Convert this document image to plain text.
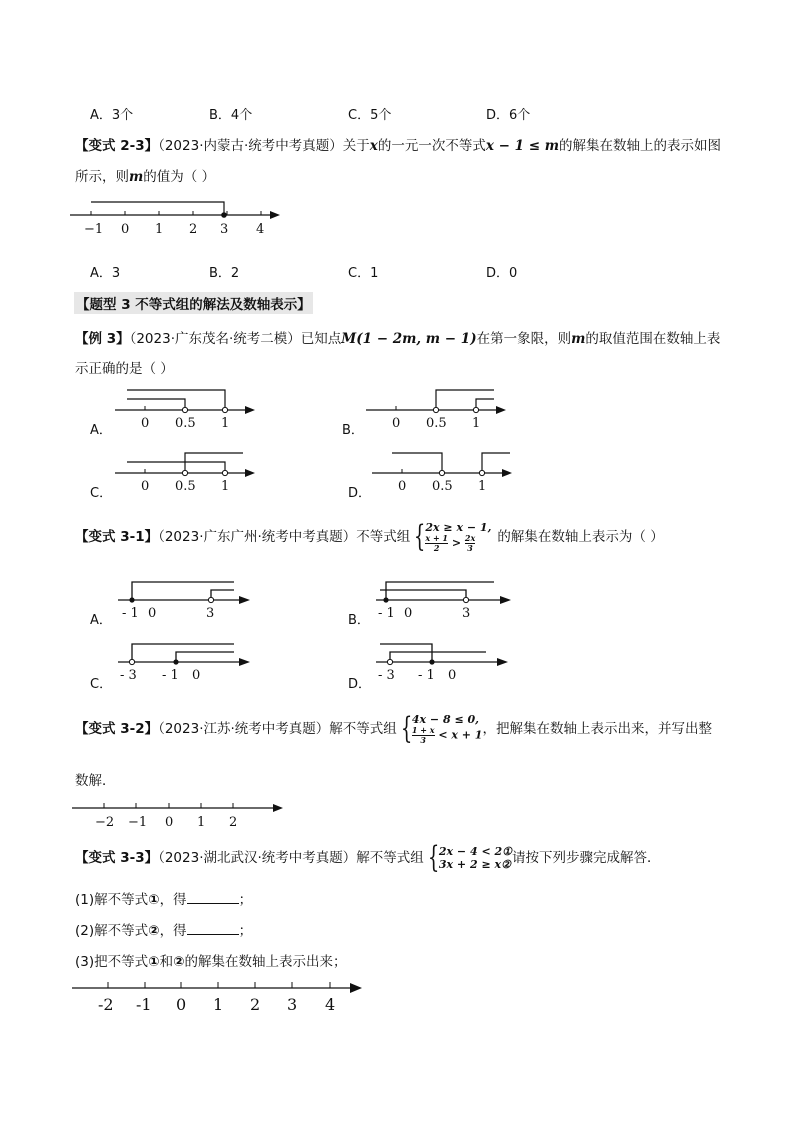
A．3个	B．4个	C．5个	D．6个
【变式 2-3】（2023·内蒙古·统考中考真题）关于x的一元一次不等式x − 1 ≤ m的解集在数轴上的表示如图
所示，则m的值为（ ）
−1 0 1 2 3 4
A．3	B．2	C．1	D．0
【题型 3 不等式组的解法及数轴表示】
【例 3】（2023·广东茂名·统考二模）已知点M(1 − 2m, m − 1)在第一象限，则m的取值范围在数轴上表
示正确的是（ ）
A． 0 0.5 1	B． 0 0.5 1
C． 0 0.5 1	D． 0 0.5 1
【变式 3-1】（2023·广东广州·统考中考真题）不等式组 { 2x ≥ x − 1,
$\frac{x + 1}{2} > \frac{2x}{3}$ 的解集在数轴上表示为（ ）
A． - 1 0	3	B． - 1 0	3
C．
- 3 - 1 0
D．
- 3 - 1 0
【变式 3-2】（2023·江苏·统考中考真题）解不等式组 { 4x − 8 ≤ 0,
$\frac{1 + x}{3} < x + 1$ ，把解集在数轴上表示出来，并写出整
数解．
−2 −1 0 1 2
【变式 3-3】（2023·湖北武汉·统考中考真题）解不等式组 { 2x − 4 < 2①
3x + 2 ≥ x② 请按下列步骤完成解答．
(1)解不等式①，得	；
(2)解不等式②，得	；
(3)把不等式①和②的解集在数轴上表示出来；
-2 -1 0 1 2 3 4
